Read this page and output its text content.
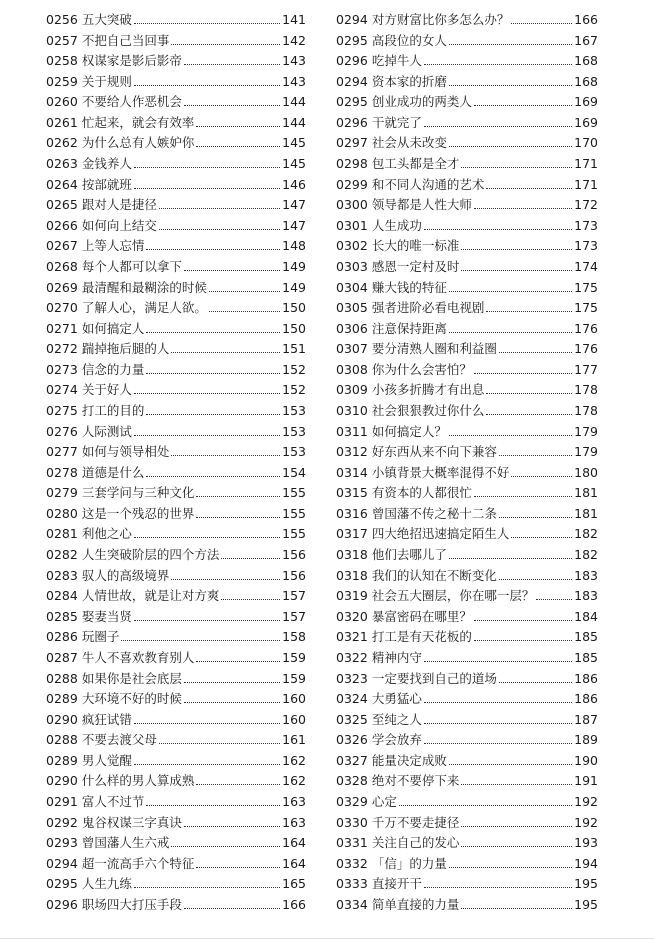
0256 五大突破	141
0257 不把自己当回事	142
0258 权谋家是影后影帝	143
0259 关于规则	143
0260 不要给人作恶机会	144
0261 忙起来，就会有效率	144
0262 为什么总有人嫉妒你	145
0263 金钱养人	145
0264 按部就班	146
0265 跟对人是捷径	147
0266 如何向上结交	147
0267 上等人忘情	148
0268 每个人都可以拿下	149
0269 最清醒和最糊涂的时候	149
0270 了解人心，满足人欲。	150
0271 如何搞定人	150
0272 踹掉拖后腿的人	151
0273 信念的力量	152
0274 关于好人	152
0275 打工的目的	153
0276 人际测试	153
0277 如何与领导相处	153
0278 道德是什么	154
0279 三套学问与三种文化	155
0280 这是一个残忍的世界	155
0281 利他之心	155
0282 人生突破阶层的四个方法	156
0283 驭人的高级境界	156
0284 人情世故，就是让对方爽	157
0285 娶妻当贤	157
0286 玩圈子	158
0287 牛人不喜欢教育别人	159
0288 如果你是社会底层	159
0289 大环境不好的时候	160
0290 疯狂试错	160
0288 不要去渡父母	161
0289 男人觉醒	162
0290 什么样的男人算成熟	162
0291 富人不过节	163
0292 鬼谷权谋三字真诀	163
0293 曾国藩人生六戒	164
0294 超一流高手六个特征	164
0295 人生九练	165
0296 职场四大打压手段	166
0294 对方财富比你多怎么办？	166
0295 高段位的女人	167
0296 吃掉牛人	168
0294 资本家的折磨	168
0295 创业成功的两类人	169
0296 干就完了	169
0297 社会从未改变	170
0298 包工头都是全才	171
0299 和不同人沟通的艺术	171
0300 领导都是人性大师	172
0301 人生成功	173
0302 长大的唯一标准	173
0303 感恩一定村及时	174
0304 赚大钱的特征	175
0305 强者进阶必看电视剧	175
0306 注意保持距离	176
0307 要分清熟人圈和利益圈	176
0308 你为什么会害怕？	177
0309 小孩多折腾才有出息	178
0310 社会狠狠教过你什么	178
0311 如何搞定人？	179
0312 好东西从来不向下兼容	179
0314 小镇背景大概率混得不好	180
0315 有资本的人都很忙	181
0316 曾国藩不传之秘十二条	181
0317 四大绝招迅速搞定陌生人	182
0318 他们去哪儿了	182
0318 我们的认知在不断变化	183
0319 社会五大圈层，你在哪一层？	183
0320 暴富密码在哪里？	184
0321 打工是有天花板的	185
0322 精神内守	185
0323 一定要找到自己的道场	186
0324 大勇猛心	186
0325 至纯之人	187
0326 学会放弃	189
0327 能量决定成败	190
0328 绝对不要停下来	191
0329 心定	192
0330 千万不要走捷径	192
0331 关注自己的发心	193
0332 「信」的力量	194
0333 直接开干	195
0334 简单直接的力量	195
